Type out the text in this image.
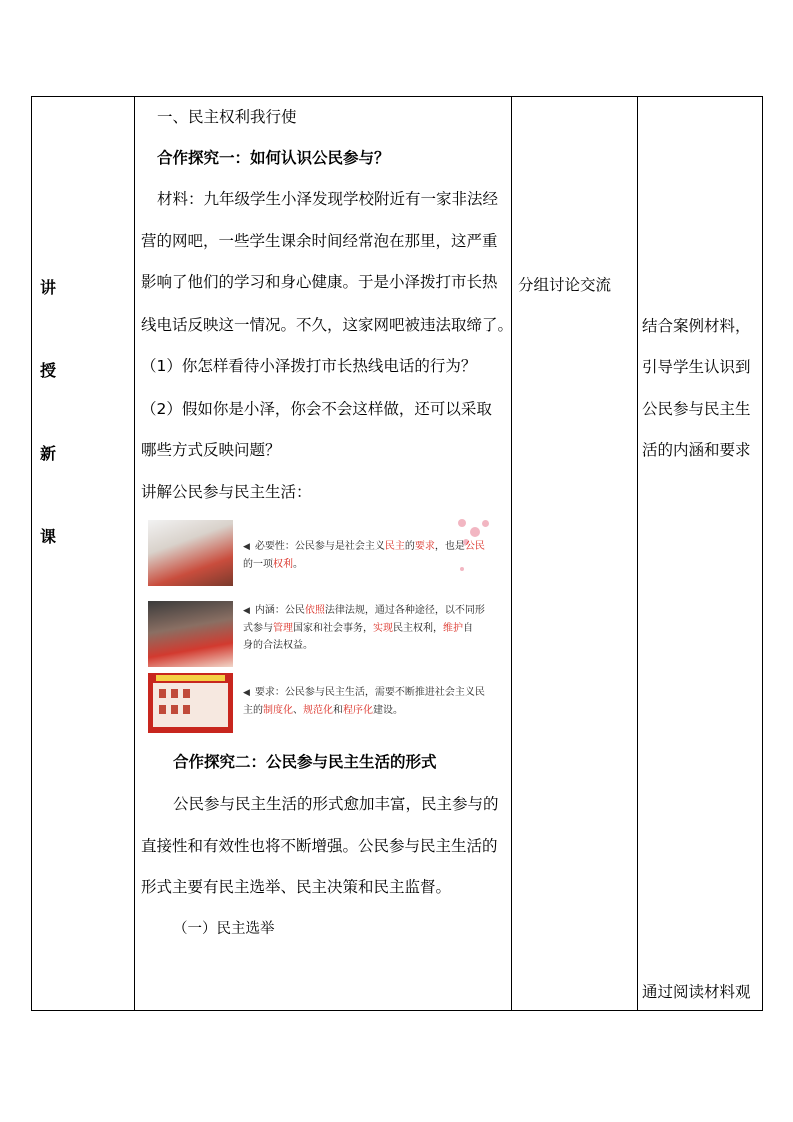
讲
授
新
课
一、民主权利我行使
合作探究一：如何认识公民参与？
材料：九年级学生小泽发现学校附近有一家非法经
营的网吧，一些学生课余时间经常泡在那里，这严重
影响了他们的学习和身心健康。于是小泽拨打市长热
线电话反映这一情况。不久，这家网吧被违法取缔了。
（1）你怎样看待小泽拨打市长热线电话的行为？
（2）假如你是小泽，你会不会这样做，还可以采取
哪些方式反映问题？
讲解公民参与民主生活：
◀ 必要性：公民参与是社会主义民主的要求，也是公民
的一项权利。
◀ 内涵：公民依照法律法规，通过各种途径，以不同形
式参与管理国家和社会事务，实现民主权利，维护自
身的合法权益。
◀ 要求：公民参与民主生活，需要不断推进社会主义民
主的制度化、规范化和程序化建设。
合作探究二：公民参与民主生活的形式
公民参与民主生活的形式愈加丰富，民主参与的
直接性和有效性也将不断增强。公民参与民主生活的
形式主要有民主选举、民主决策和民主监督。
（一）民主选举
分组讨论交流
结合案例材料，
引导学生认识到
公民参与民主生
活的内涵和要求
通过阅读材料观
